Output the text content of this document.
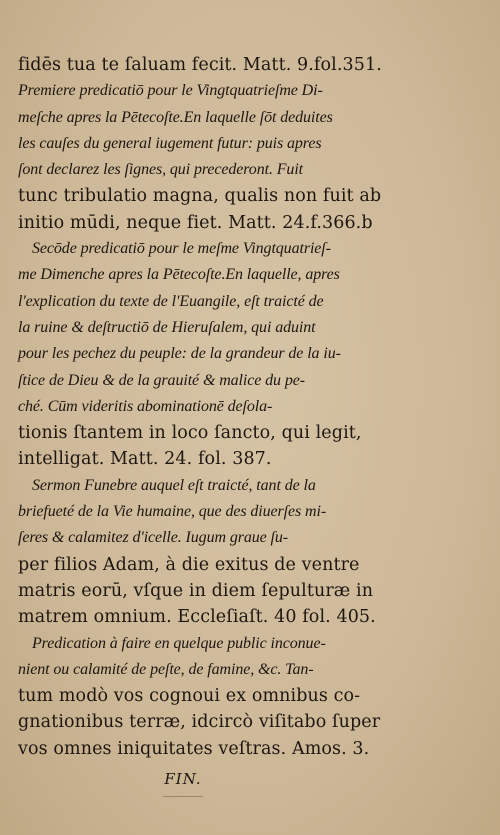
fidēs tua te ſaluam fecit. Matt. 9.fol.351.
Premiere predicatiō pour le Vingtquatrieſme Di-
meſche apres la Pētecoſte.En laquelle ſōt deduites
les cauſes du general iugement futur: puis apres
ſont declarez les ſignes, qui precederont. Fuit
tunc tribulatio magna, qualis non fuit ab
initio mūdi, neque fiet. Matt. 24.f.366.b
Secōde predicatiō pour le meſme Vingtquatrieſ-
me Dimenche apres la Pētecoſte.En laquelle, apres
l'explication du texte de l'Euangile, eſt traicté de
la ruine & deſtructiō de Hieruſalem, qui aduint
pour les pechez du peuple: de la grandeur de la iu-
ſtice de Dieu & de la grauité & malice du pe-
ché. Cūm videritis abominationē deſola-
tionis ſtantem in loco ſancto, qui legit,
intelligat. Matt. 24. fol. 387.
Sermon Funebre auquel eſt traicté, tant de la
briefueté de la Vie humaine, que des diuerſes mi-
ſeres & calamitez d'icelle. Iugum graue ſu-
per filios Adam, à die exitus de ventre
matris eorū, vſque in diem ſepulturæ in
matrem omnium. Eccleſiaſt. 40 fol. 405.
Predication à faire en quelque public inconue-
nient ou calamité de peſte, de famine, &c. Tan-
tum modò vos cognoui ex omnibus co-
gnationibus terræ, idcircò viſitabo ſuper
vos omnes iniquitates veſtras. Amos. 3.
FIN.
